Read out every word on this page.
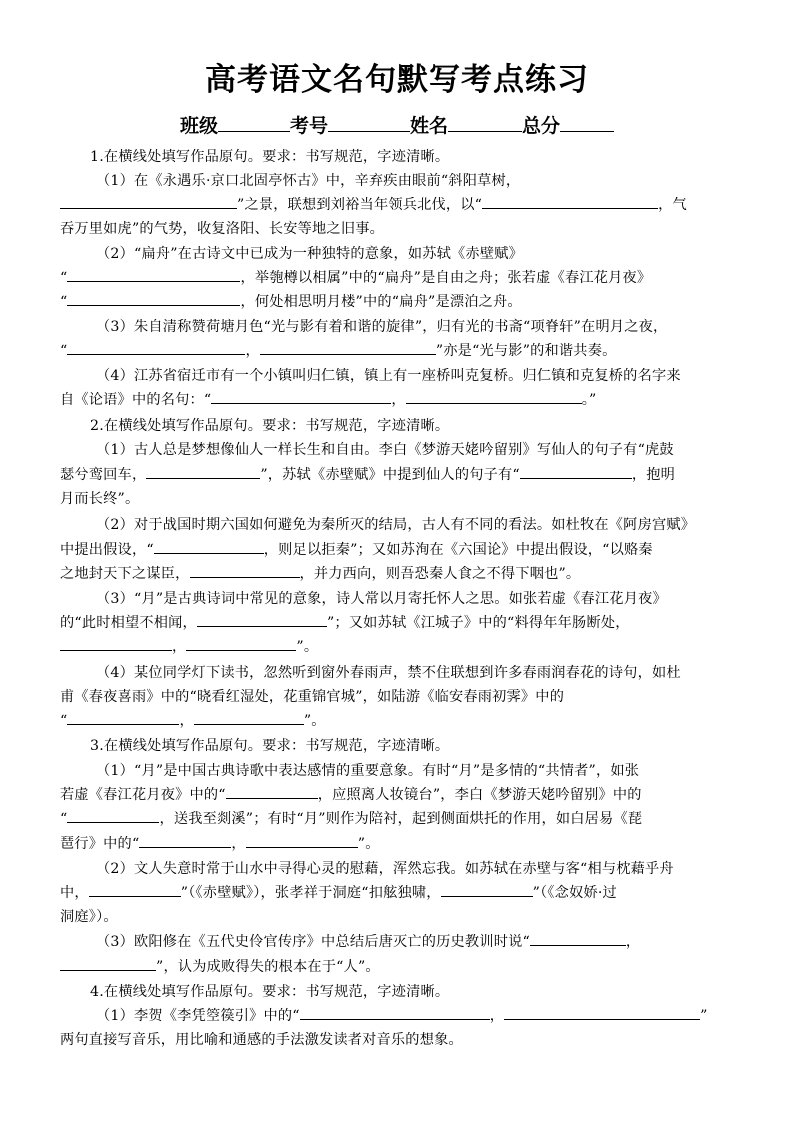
高考语文名句默写考点练习
班级	考号	姓名	总分
1.在横线处填写作品原句。要求：书写规范，字迹清晰。
（1）在《永遇乐·京口北固亭怀古》中，辛弃疾由眼前“斜阳草树，
”之景，联想到刘裕当年领兵北伐，以“	，气
吞万里如虎”的气势，收复洛阳、长安等地之旧事。
（2）“扁舟”在古诗文中已成为一种独特的意象，如苏轼《赤壁赋》
“	，举匏樽以相属”中的“扁舟”是自由之舟；张若虚《春江花月夜》
“	，何处相思明月楼”中的“扁舟”是漂泊之舟。
（3）朱自清称赞荷塘月色“光与影有着和谐的旋律”，归有光的书斋“项脊轩”在明月之夜，
“	，	”亦是“光与影”的和谐共奏。
（4）江苏省宿迁市有一个小镇叫归仁镇，镇上有一座桥叫克复桥。归仁镇和克复桥的名字来
自《论语》中的名句：“	，	。”
2.在横线处填写作品原句。要求：书写规范，字迹清晰。
（1）古人总是梦想像仙人一样长生和自由。李白《梦游天姥吟留别》写仙人的句子有“虎鼓
瑟兮鸾回车，	”，苏轼《赤壁赋》中提到仙人的句子有“	，抱明
月而长终”。
（2）对于战国时期六国如何避免为秦所灭的结局，古人有不同的看法。如杜牧在《阿房宫赋》
中提出假设，“	，则足以拒秦”；又如苏洵在《六国论》中提出假设，“以赂秦
之地封天下之谋臣，	，并力西向，则吾恐秦人食之不得下咽也”。
（3）“月”是古典诗词中常见的意象，诗人常以月寄托怀人之思。如张若虚《春江花月夜》
的“此时相望不相闻，	”；又如苏轼《江城子》中的“料得年年肠断处，
，	”。
（4）某位同学灯下读书，忽然听到窗外春雨声，禁不住联想到许多春雨润春花的诗句，如杜
甫《春夜喜雨》中的“晓看红湿处，花重锦官城”，如陆游《临安春雨初霁》中的
“	，	”。
3.在横线处填写作品原句。要求：书写规范，字迹清晰。
（1）“月”是中国古典诗歌中表达感情的重要意象。有时“月”是多情的“共情者”，如张
若虚《春江花月夜》中的“	，应照离人妆镜台”，李白《梦游天姥吟留别》中的
“	，送我至剡溪”；有时“月”则作为陪衬，起到侧面烘托的作用，如白居易《琵
琶行》中的“	，	”。
（2）文人失意时常于山水中寻得心灵的慰藉，浑然忘我。如苏轼在赤壁与客“相与枕藉乎舟
中，	”（《赤壁赋》），张孝祥于洞庭“扣舷独啸，	”（《念奴娇·过
洞庭》）。
（3）欧阳修在《五代史伶官传序》中总结后唐灭亡的历史教训时说“	，
”，认为成败得失的根本在于“人”。
4.在横线处填写作品原句。要求：书写规范，字迹清晰。
（1）李贺《李凭箜篌引》中的“	，	”
两句直接写音乐，用比喻和通感的手法激发读者对音乐的想象。
